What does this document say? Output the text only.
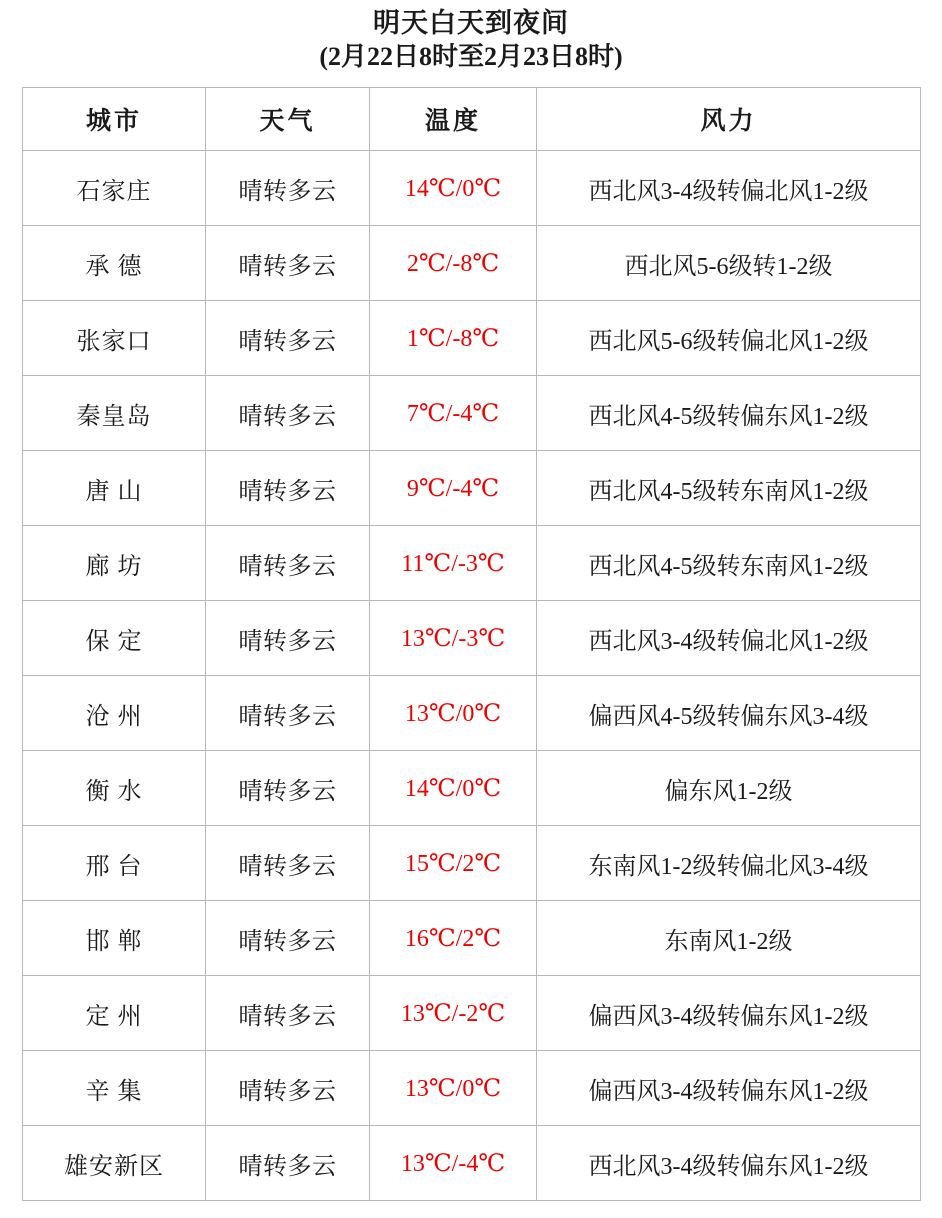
明天白天到夜间
(2月22日8时至2月23日8时)
城市	天气	温度	风力
石家庄	晴转多云	14℃/0℃	西北风3-4级转偏北风1-2级
承 德	晴转多云	2℃/-8℃	西北风5-6级转1-2级
张家口	晴转多云	1℃/-8℃	西北风5-6级转偏北风1-2级
秦皇岛	晴转多云	7℃/-4℃	西北风4-5级转偏东风1-2级
唐 山	晴转多云	9℃/-4℃	西北风4-5级转东南风1-2级
廊 坊	晴转多云	11℃/-3℃	西北风4-5级转东南风1-2级
保 定	晴转多云	13℃/-3℃	西北风3-4级转偏北风1-2级
沧 州	晴转多云	13℃/0℃	偏西风4-5级转偏东风3-4级
衡 水	晴转多云	14℃/0℃	偏东风1-2级
邢 台	晴转多云	15℃/2℃	东南风1-2级转偏北风3-4级
邯 郸	晴转多云	16℃/2℃	东南风1-2级
定 州	晴转多云	13℃/-2℃	偏西风3-4级转偏东风1-2级
辛 集	晴转多云	13℃/0℃	偏西风3-4级转偏东风1-2级
雄安新区	晴转多云	13℃/-4℃	西北风3-4级转偏东风1-2级
